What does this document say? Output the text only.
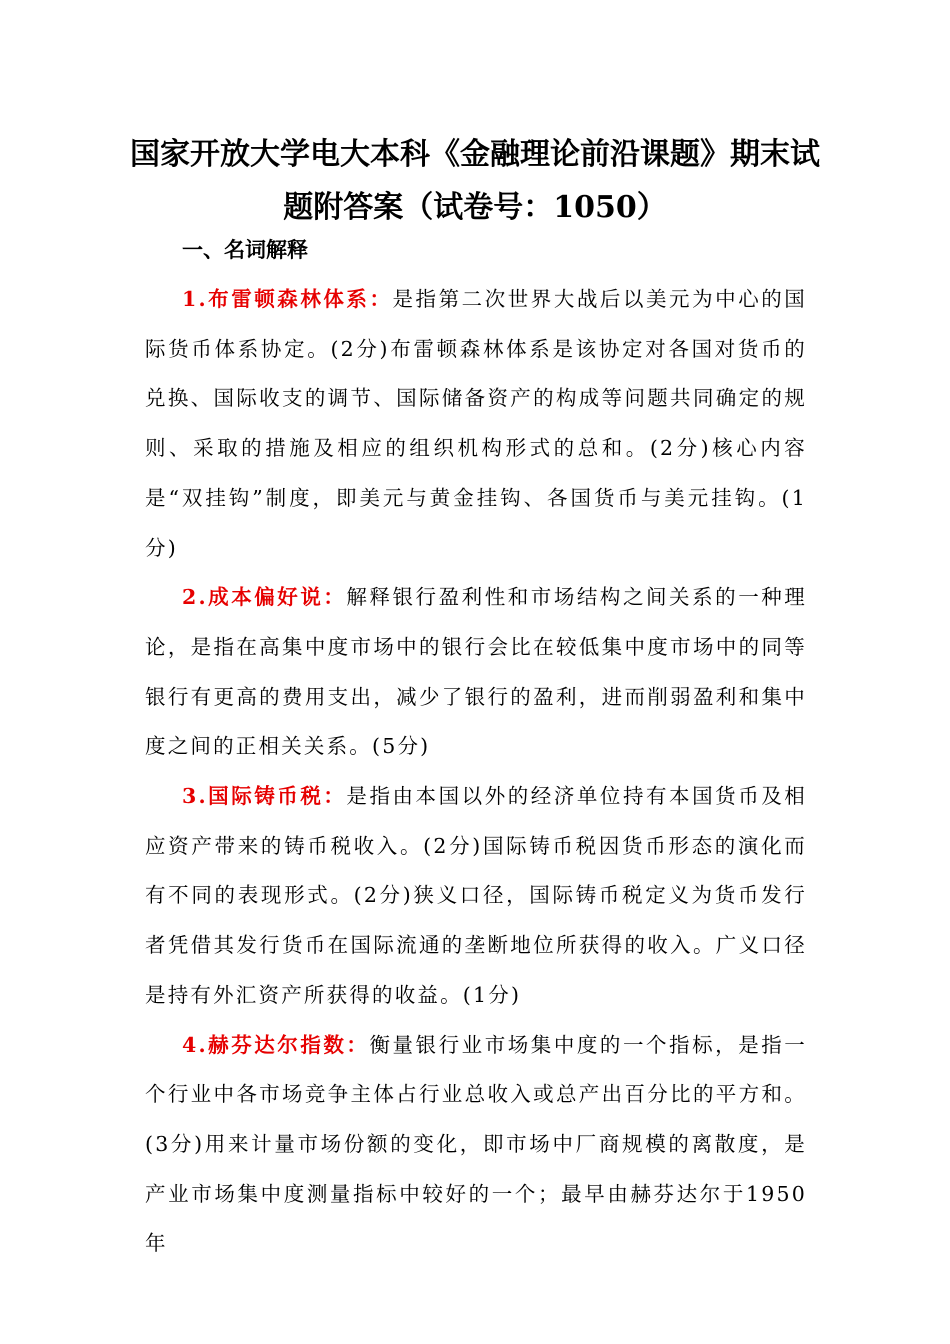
国家开放大学电大本科《金融理论前沿课题》期末试题附答案（试卷号：1050）
一、名词解释

1.布雷顿森林体系：是指第二次世界大战后以美元为中心的国际货币体系协定。(2分)布雷顿森林体系是该协定对各国对货币的兑换、国际收支的调节、国际储备资产的构成等问题共同确定的规则、采取的措施及相应的组织机构形式的总和。(2分)核心内容是“双挂钩”制度，即美元与黄金挂钩、各国货币与美元挂钩。(1分)

2.成本偏好说：解释银行盈利性和市场结构之间关系的一种理论，是指在高集中度市场中的银行会比在较低集中度市场中的同等银行有更高的费用支出，减少了银行的盈利，进而削弱盈利和集中度之间的正相关关系。(5分)

3.国际铸币税：是指由本国以外的经济单位持有本国货币及相应资产带来的铸币税收入。(2分)国际铸币税因货币形态的演化而有不同的表现形式。(2分)狭义口径，国际铸币税定义为货币发行者凭借其发行货币在国际流通的垄断地位所获得的收入。广义口径是持有外汇资产所获得的收益。(1分)

4.赫芬达尔指数：衡量银行业市场集中度的一个指标，是指一个行业中各市场竞争主体占行业总收入或总产出百分比的平方和。(3分)用来计量市场份额的变化，即市场中厂商规模的离散度，是产业市场集中度测量指标中较好的一个；最早由赫芬达尔于1950年
